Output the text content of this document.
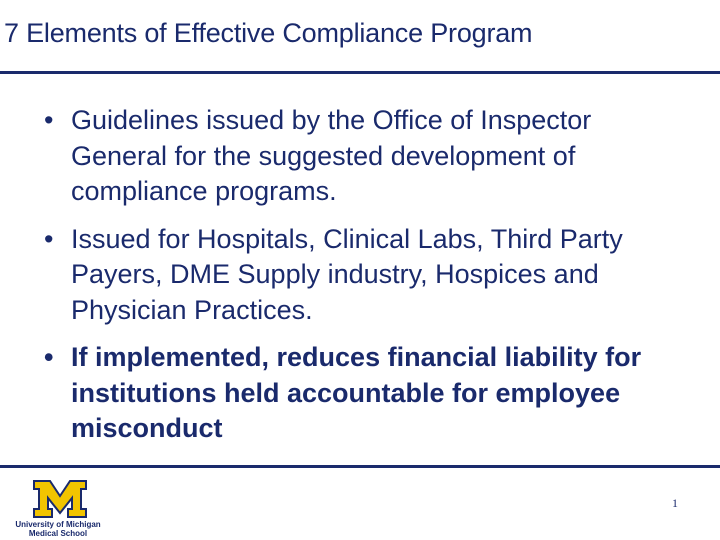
7 Elements of Effective Compliance Program
• Guidelines issued by the Office of Inspector General for the suggested development of compliance programs.
• Issued for Hospitals, Clinical Labs, Third Party Payers, DME Supply industry, Hospices and Physician Practices.
• If implemented, reduces financial liability for institutions held accountable for employee misconduct
University of Michigan
Medical School
1
